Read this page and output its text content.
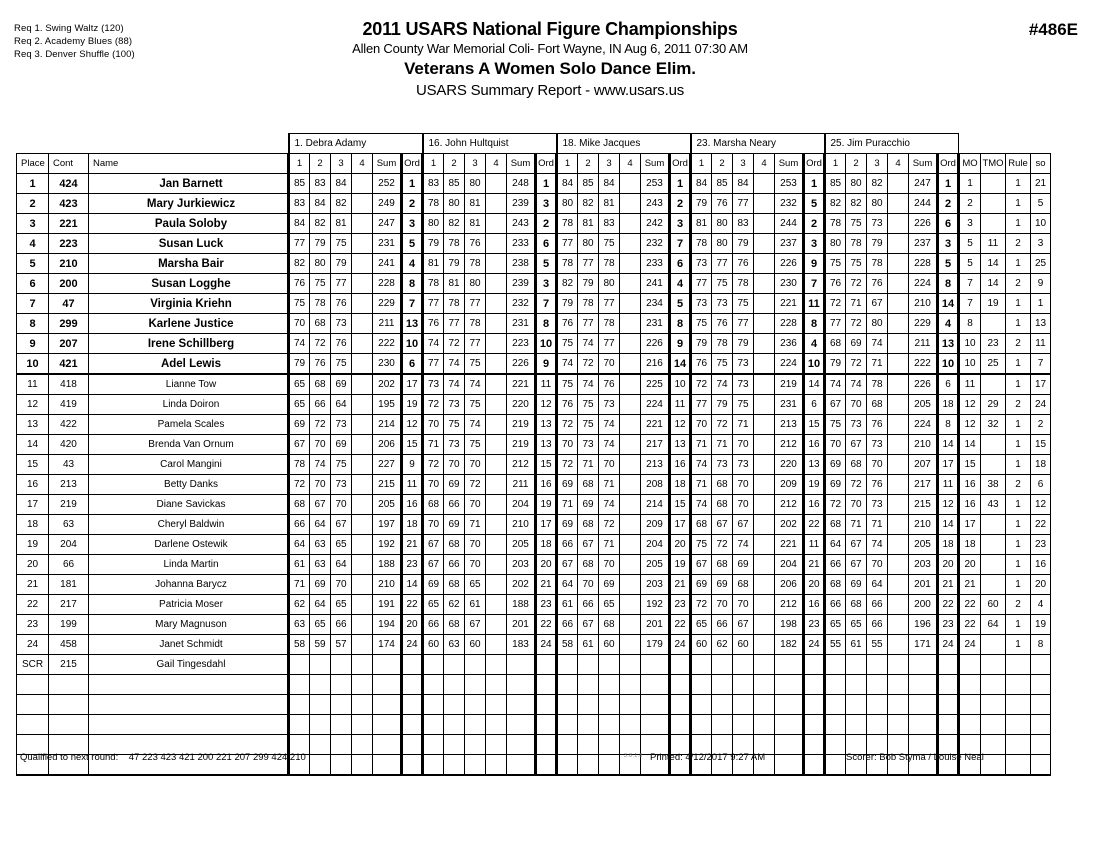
Req 1. Swing Waltz (120)
Req 2. Academy Blues (88)
Req 3. Denver Shuffle (100)
2011 USARS National Figure Championships
Allen County War Memorial Coli- Fort Wayne, IN Aug 6, 2011 07:30 AM
Veterans A Women Solo Dance Elim.
USARS Summary Report - www.usars.us
#486E
			1. Debra Adamy						16. John Hultquist						18. Mike Jacques						23. Marsha Neary						25. Jim Puracchio									
Place	Cont	Name	1	2	3	4	Sum	Ord	1	2	3	4	Sum	Ord	1	2	3	4	Sum	Ord	1	2	3	4	Sum	Ord	1	2	3	4	Sum	Ord	MO	TMO	Rule	so
1	424	Jan Barnett	85	83	84		252	1	83	85	80		248	1	84	85	84		253	1	84	85	84		253	1	85	80	82		247	1	1		1	21
2	423	Mary Jurkiewicz	83	84	82		249	2	78	80	81		239	3	80	82	81		243	2	79	76	77		232	5	82	82	80		244	2	2		1	5
3	221	Paula Soloby	84	82	81		247	3	80	82	81		243	2	78	81	83		242	3	81	80	83		244	2	78	75	73		226	6	3		1	10
4	223	Susan Luck	77	79	75		231	5	79	78	76		233	6	77	80	75		232	7	78	80	79		237	3	80	78	79		237	3	5	11	2	3
5	210	Marsha Bair	82	80	79		241	4	81	79	78		238	5	78	77	78		233	6	73	77	76		226	9	75	75	78		228	5	5	14	1	25
6	200	Susan Logghe	76	75	77		228	8	78	81	80		239	3	82	79	80		241	4	77	75	78		230	7	76	72	76		224	8	7	14	2	9
7	47	Virginia Kriehn	75	78	76		229	7	77	78	77		232	7	79	78	77		234	5	73	73	75		221	11	72	71	67		210	14	7	19	1	1
8	299	Karlene Justice	70	68	73		211	13	76	77	78		231	8	76	77	78		231	8	75	76	77		228	8	77	72	80		229	4	8		1	13
9	207	Irene Schillberg	74	72	76		222	10	74	72	77		223	10	75	74	77		226	9	79	78	79		236	4	68	69	74		211	13	10	23	2	11
10	421	Adel Lewis	79	76	75		230	6	77	74	75		226	9	74	72	70		216	14	76	75	73		224	10	79	72	71		222	10	10	25	1	7
11	418	Lianne Tow	65	68	69		202	17	73	74	74		221	11	75	74	76		225	10	72	74	73		219	14	74	74	78		226	6	11		1	17
12	419	Linda Doiron	65	66	64		195	19	72	73	75		220	12	76	75	73		224	11	77	79	75		231	6	67	70	68		205	18	12	29	2	24
13	422	Pamela Scales	69	72	73		214	12	70	75	74		219	13	72	75	74		221	12	70	72	71		213	15	75	73	76		224	8	12	32	1	2
14	420	Brenda Van Ornum	67	70	69		206	15	71	73	75		219	13	70	73	74		217	13	71	71	70		212	16	70	67	73		210	14	14		1	15
15	43	Carol Mangini	78	74	75		227	9	72	70	70		212	15	72	71	70		213	16	74	73	73		220	13	69	68	70		207	17	15		1	18
16	213	Betty Danks	72	70	73		215	11	70	69	72		211	16	69	68	71		208	18	71	68	70		209	19	69	72	76		217	11	16	38	2	6
17	219	Diane Savickas	68	67	70		205	16	68	66	70		204	19	71	69	74		214	15	74	68	70		212	16	72	70	73		215	12	16	43	1	12
18	63	Cheryl Baldwin	66	64	67		197	18	70	69	71		210	17	69	68	72		209	17	68	67	67		202	22	68	71	71		210	14	17		1	22
19	204	Darlene Ostewik	64	63	65		192	21	67	68	70		205	18	66	67	71		204	20	75	72	74		221	11	64	67	74		205	18	18		1	23
20	66	Linda Martin	61	63	64		188	23	67	66	70		203	20	67	68	70		205	19	67	68	69		204	21	66	67	70		203	20	20		1	16
21	181	Johanna Barycz	71	69	70		210	14	69	68	65		202	21	64	70	69		203	21	69	69	68		206	20	68	69	64		201	21	21		1	20
22	217	Patricia Moser	62	64	65		191	22	65	62	61		188	23	61	66	65		192	23	72	70	70		212	16	66	68	66		200	22	22	60	2	4
23	199	Mary Magnuson	63	65	66		194	20	66	68	67		201	22	66	67	68		201	22	65	66	67		198	23	65	65	66		196	23	22	64	1	19
24	458	Janet Schmidt	58	59	57		174	24	60	63	60		183	24	58	61	60		179	24	60	62	60		182	24	55	61	55		171	24	24		1	8
SCR	215	Gail Tingesdahl																																		

Qualified to next round: 47 223 423 421 200 221 207 299 424 210	3.8.1.8 Printed: 4/12/2017 9:27 AM	Scorer: Bob Styma / Louise Neal
